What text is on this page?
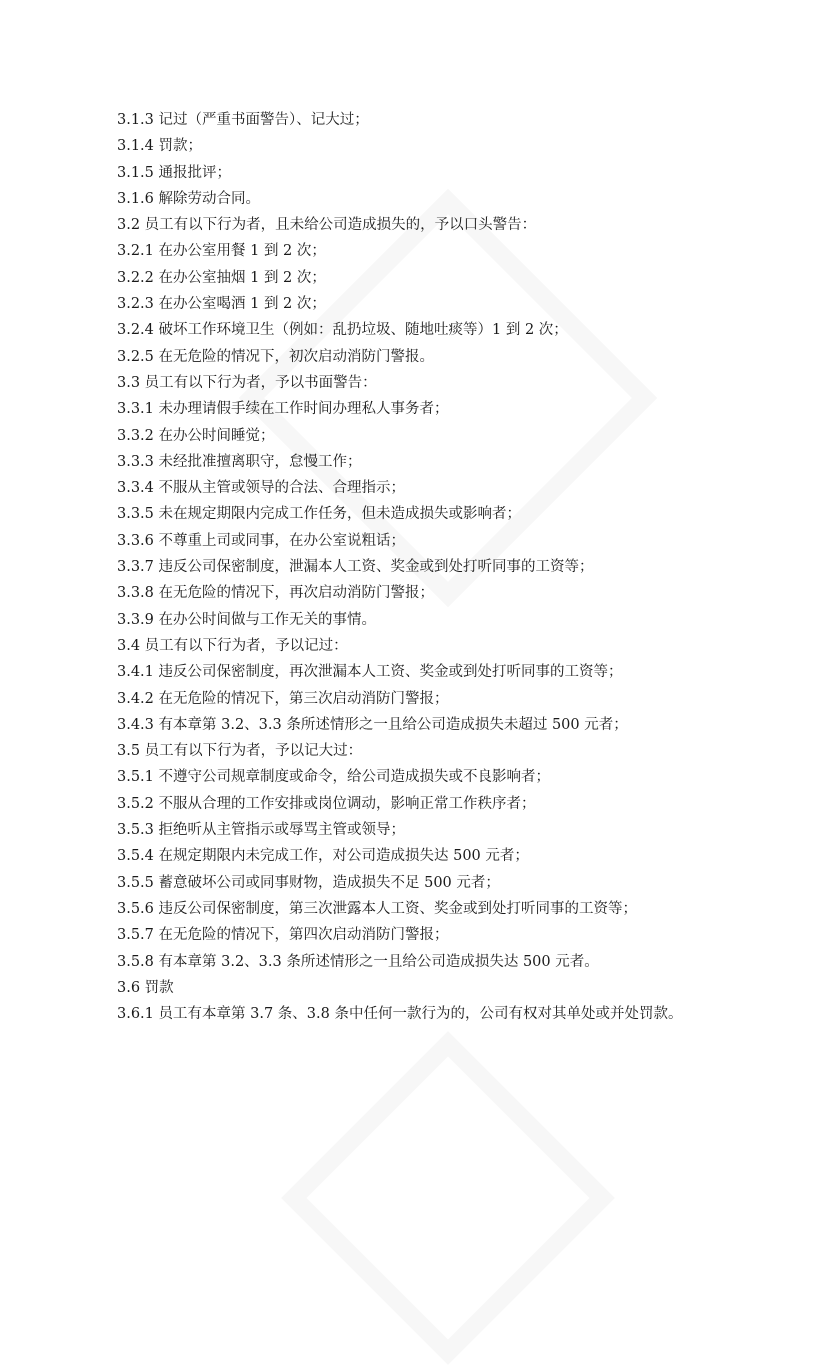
3.1.3 记过（严重书面警告）、记大过；
3.1.4 罚款；
3.1.5 通报批评；
3.1.6 解除劳动合同。
3.2 员工有以下行为者，且未给公司造成损失的，予以口头警告：
3.2.1 在办公室用餐 1 到 2 次；
3.2.2 在办公室抽烟 1 到 2 次；
3.2.3 在办公室喝酒 1 到 2 次；
3.2.4 破坏工作环境卫生（例如：乱扔垃圾、随地吐痰等）1 到 2 次；
3.2.5 在无危险的情况下，初次启动消防门警报。
3.3 员工有以下行为者，予以书面警告：
3.3.1 未办理请假手续在工作时间办理私人事务者；
3.3.2 在办公时间睡觉；
3.3.3 未经批准擅离职守，怠慢工作；
3.3.4 不服从主管或领导的合法、合理指示；
3.3.5 未在规定期限内完成工作任务，但未造成损失或影响者；
3.3.6 不尊重上司或同事，在办公室说粗话；
3.3.7 违反公司保密制度，泄漏本人工资、奖金或到处打听同事的工资等；
3.3.8 在无危险的情况下，再次启动消防门警报；
3.3.9 在办公时间做与工作无关的事情。
3.4 员工有以下行为者，予以记过：
3.4.1 违反公司保密制度，再次泄漏本人工资、奖金或到处打听同事的工资等；
3.4.2 在无危险的情况下，第三次启动消防门警报；
3.4.3 有本章第 3.2、3.3 条所述情形之一且给公司造成损失未超过 500 元者；
3.5 员工有以下行为者，予以记大过：
3.5.1 不遵守公司规章制度或命令，给公司造成损失或不良影响者；
3.5.2 不服从合理的工作安排或岗位调动，影响正常工作秩序者；
3.5.3 拒绝听从主管指示或辱骂主管或领导；
3.5.4 在规定期限内未完成工作，对公司造成损失达 500 元者；
3.5.5 蓄意破坏公司或同事财物，造成损失不足 500 元者；
3.5.6 违反公司保密制度，第三次泄露本人工资、奖金或到处打听同事的工资等；
3.5.7 在无危险的情况下，第四次启动消防门警报；
3.5.8 有本章第 3.2、3.3 条所述情形之一且给公司造成损失达 500 元者。
3.6 罚款
3.6.1 员工有本章第 3.7 条、3.8 条中任何一款行为的，公司有权对其单处或并处罚款。
